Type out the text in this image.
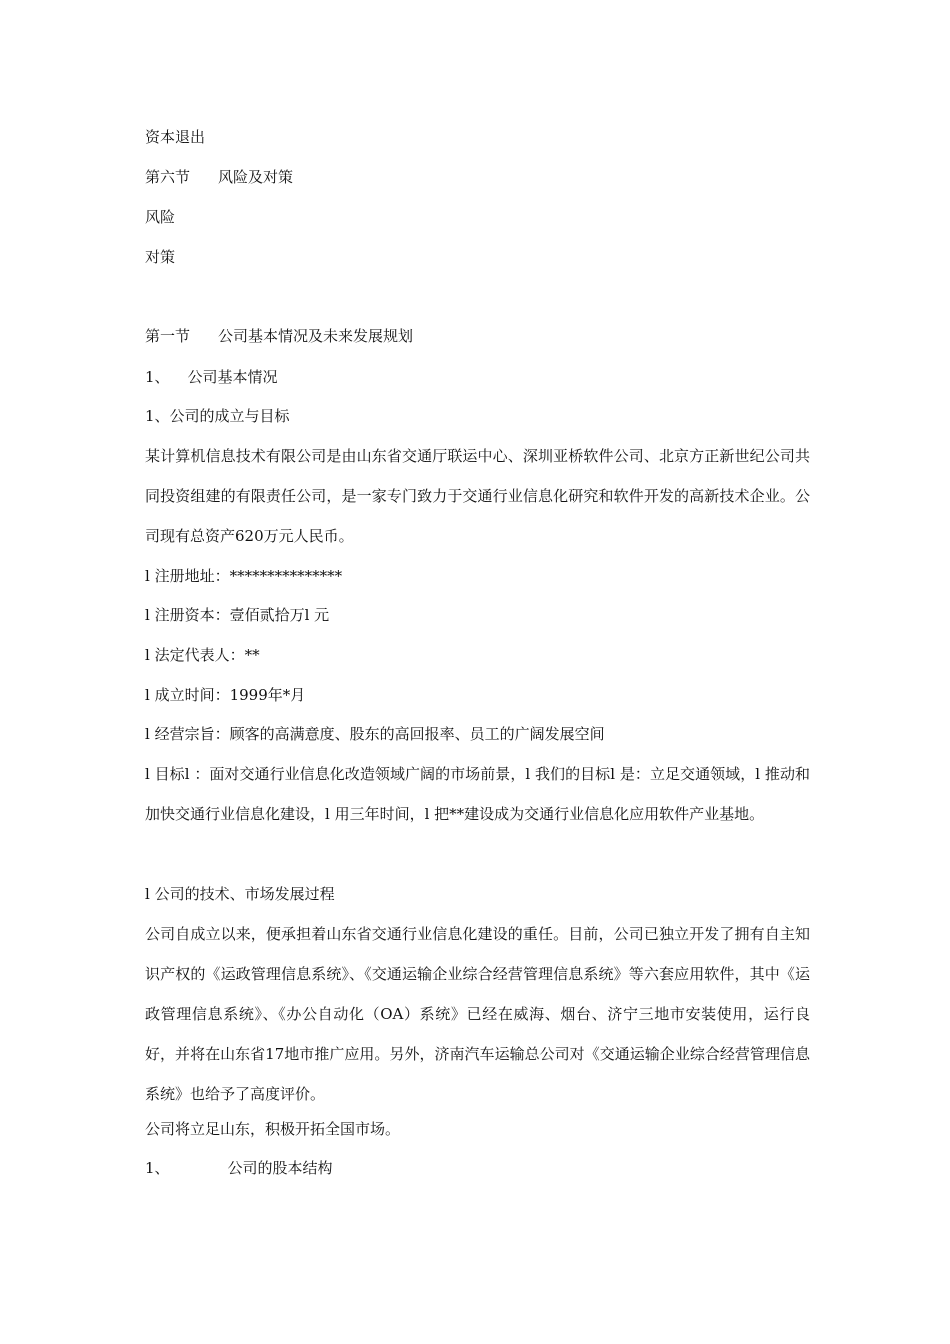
资本退出
第六节 风险及对策
风险
对策
第一节 公司基本情况及未来发展规划
1、 公司基本情况
1、公司的成立与目标
某计算机信息技术有限公司是由山东省交通厅联运中心、深圳亚桥软件公司、北京方正新世纪公司共同投资组建的有限责任公司，是一家专门致力于交通行业信息化研究和软件开发的高新技术企业。公司现有总资产620万元人民币。
l 注册地址：***************
l 注册资本：壹佰贰拾万l 元
l 法定代表人：**
l 成立时间：1999年*月
l 经营宗旨：顾客的高满意度、股东的高回报率、员工的广阔发展空间
l 目标l ：面对交通行业信息化改造领域广阔的市场前景，l 我们的目标l 是：立足交通领域，l 推动和加快交通行业信息化建设，l 用三年时间，l 把**建设成为交通行业信息化应用软件产业基地。
l 公司的技术、市场发展过程
公司自成立以来，便承担着山东省交通行业信息化建设的重任。目前，公司已独立开发了拥有自主知识产权的《运政管理信息系统》、《交通运输企业综合经营管理信息系统》等六套应用软件，其中《运政管理信息系统》、《办公自动化（OA）系统》已经在威海、烟台、济宁三地市安装使用，运行良好，并将在山东省17地市推广应用。另外，济南汽车运输总公司对《交通运输企业综合经营管理信息系统》也给予了高度评价。
公司将立足山东，积极开拓全国市场。
1、	公司的股本结构
